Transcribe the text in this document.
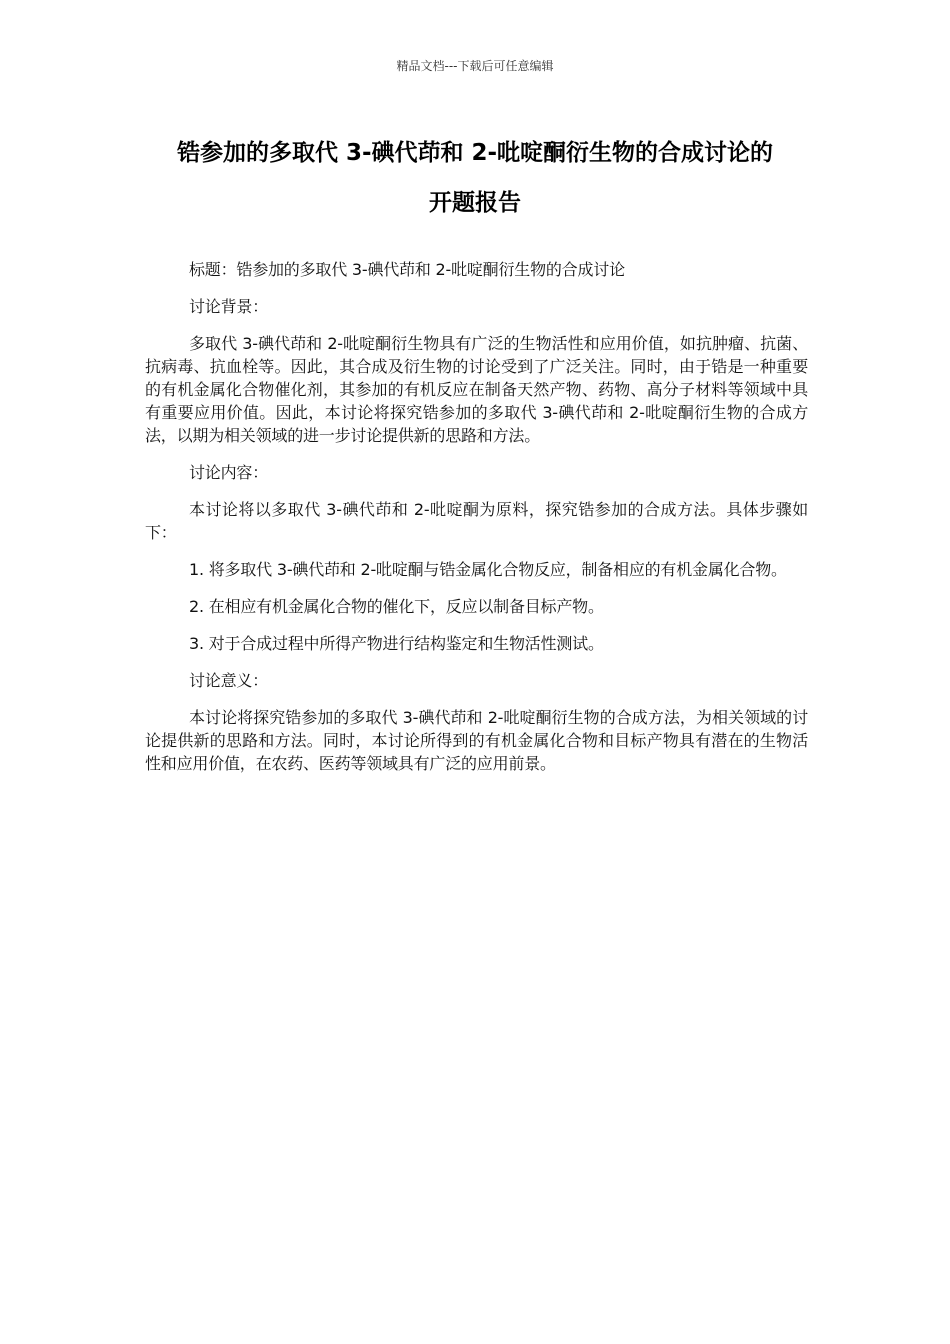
精品文档---下载后可任意编辑
锆参加的多取代 3-碘代茚和 2-吡啶酮衍生物的合成讨论的
开题报告

标题：锆参加的多取代 3-碘代茚和 2-吡啶酮衍生物的合成讨论

讨论背景：

多取代 3-碘代茚和 2-吡啶酮衍生物具有广泛的生物活性和应用价值，如抗肿瘤、抗菌、抗病毒、抗血栓等。因此，其合成及衍生物的讨论受到了广泛关注。同时，由于锆是一种重要的有机金属化合物催化剂，其参加的有机反应在制备天然产物、药物、高分子材料等领域中具有重要应用价值。因此，本讨论将探究锆参加的多取代 3-碘代茚和 2-吡啶酮衍生物的合成方法，以期为相关领域的进一步讨论提供新的思路和方法。

讨论内容：

本讨论将以多取代 3-碘代茚和 2-吡啶酮为原料，探究锆参加的合成方法。具体步骤如下：

1. 将多取代 3-碘代茚和 2-吡啶酮与锆金属化合物反应，制备相应的有机金属化合物。

2. 在相应有机金属化合物的催化下，反应以制备目标产物。

3. 对于合成过程中所得产物进行结构鉴定和生物活性测试。

讨论意义：

本讨论将探究锆参加的多取代 3-碘代茚和 2-吡啶酮衍生物的合成方法，为相关领域的讨论提供新的思路和方法。同时，本讨论所得到的有机金属化合物和目标产物具有潜在的生物活性和应用价值，在农药、医药等领域具有广泛的应用前景。
